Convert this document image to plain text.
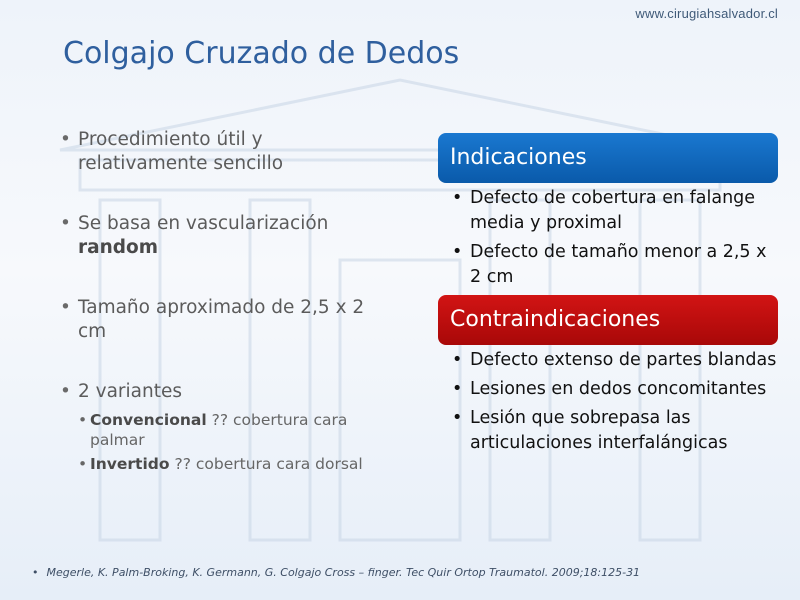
www.cirugiahsalvador.cl
Colgajo Cruzado de Dedos
• Procedimiento útil y relativamente sencillo
• Se basa en vascularización random
• Tamaño aproximado de 2,5 x 2 cm
• 2 variantes
• Convencional ?? cobertura cara palmar
• Invertido ?? cobertura cara dorsal
Indicaciones
• Defecto de cobertura en falange media y proximal
• Defecto de tamaño menor a 2,5 x 2 cm
Contraindicaciones
• Defecto extenso de partes blandas
• Lesiones en dedos concomitantes
• Lesión que sobrepasa las articulaciones interfalángicas
• Megerle, K. Palm-Broking, K. Germann, G. Colgajo Cross – finger. Tec Quir Ortop Traumatol. 2009;18:125-31
